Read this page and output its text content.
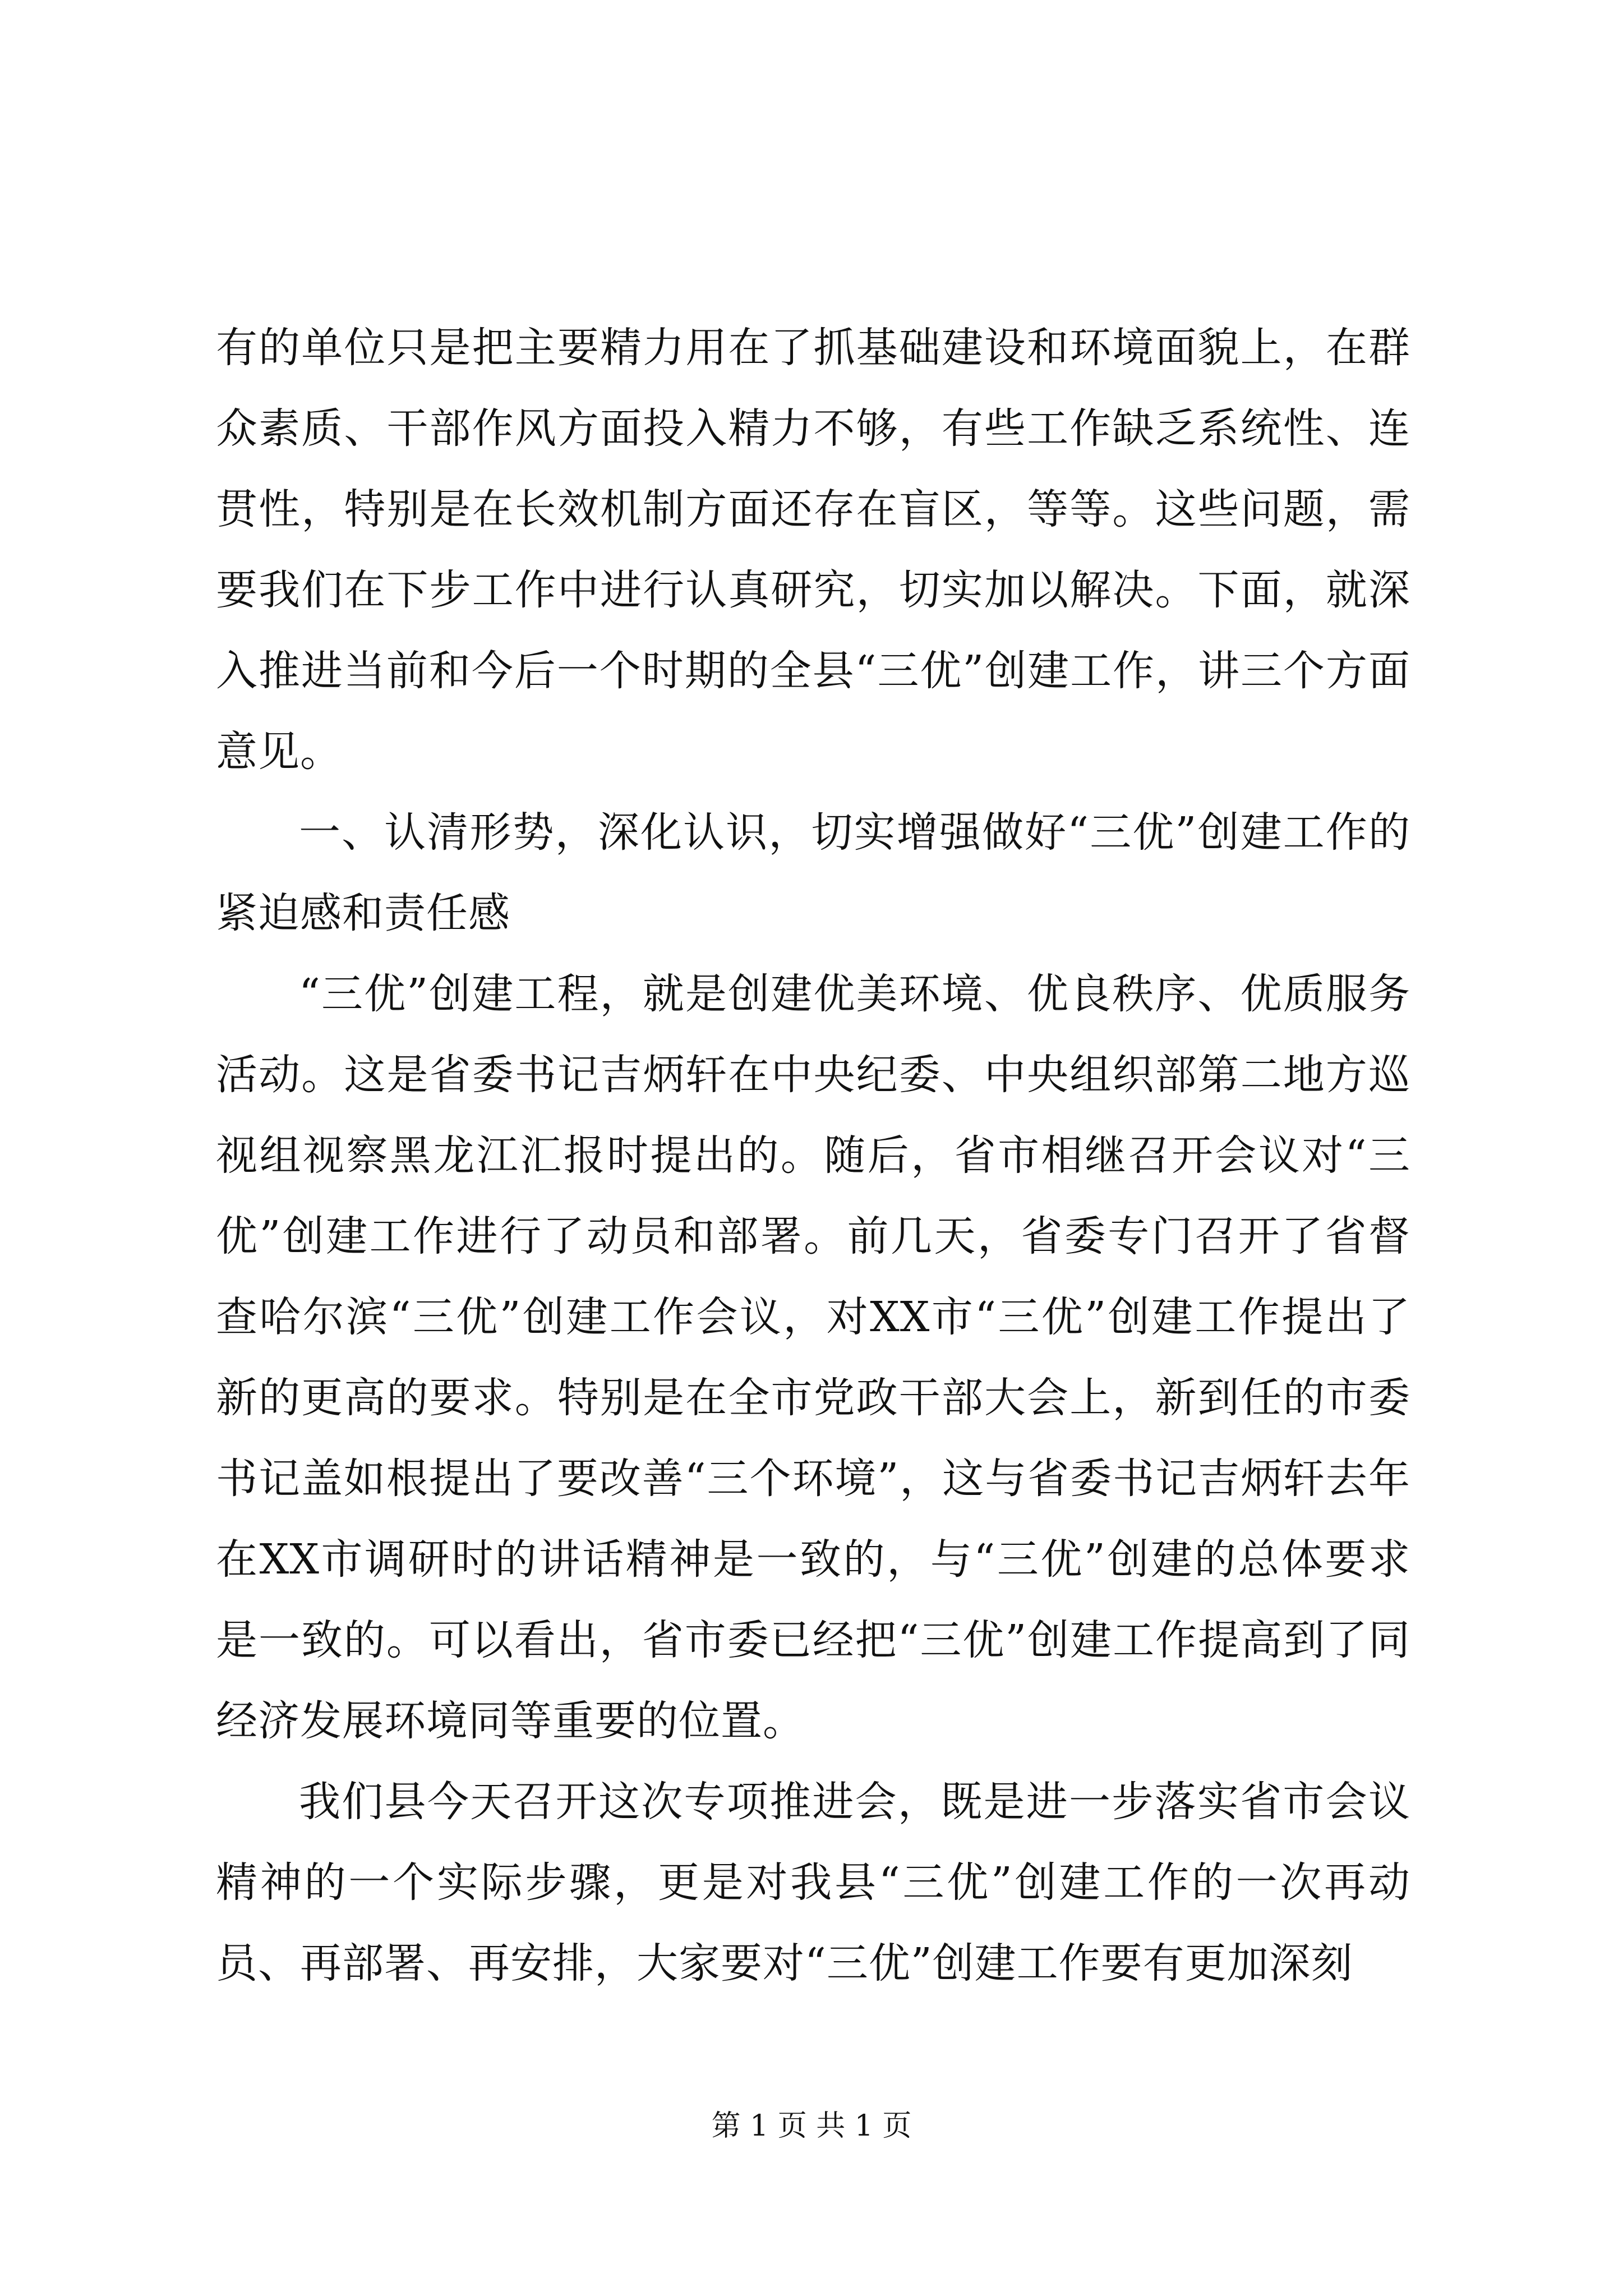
有的单位只是把主要精力用在了抓基础建设和环境面貌上，在群众素质、干部作风方面投入精力不够，有些工作缺乏系统性、连贯性，特别是在长效机制方面还存在盲区，等等。这些问题，需要我们在下步工作中进行认真研究，切实加以解决。下面，就深入推进当前和今后一个时期的全县“三优”创建工作，讲三个方面意见。

一、认清形势，深化认识，切实增强做好“三优”创建工作的紧迫感和责任感

“三优”创建工程，就是创建优美环境、优良秩序、优质服务活动。这是省委书记吉炳轩在中央纪委、中央组织部第二地方巡视组视察黑龙江汇报时提出的。随后，省市相继召开会议对“三优”创建工作进行了动员和部署。前几天，省委专门召开了省督查哈尔滨“三优”创建工作会议，对XX市“三优”创建工作提出了新的更高的要求。特别是在全市党政干部大会上，新到任的市委书记盖如根提出了要改善“三个环境”，这与省委书记吉炳轩去年在XX市调研时的讲话精神是一致的，与“三优”创建的总体要求是一致的。可以看出，省市委已经把“三优”创建工作提高到了同经济发展环境同等重要的位置。

我们县今天召开这次专项推进会，既是进一步落实省市会议精神的一个实际步骤，更是对我县“三优”创建工作的一次再动员、再部署、再安排，大家要对“三优”创建工作要有更加深刻

第 1 页 共 1 页
